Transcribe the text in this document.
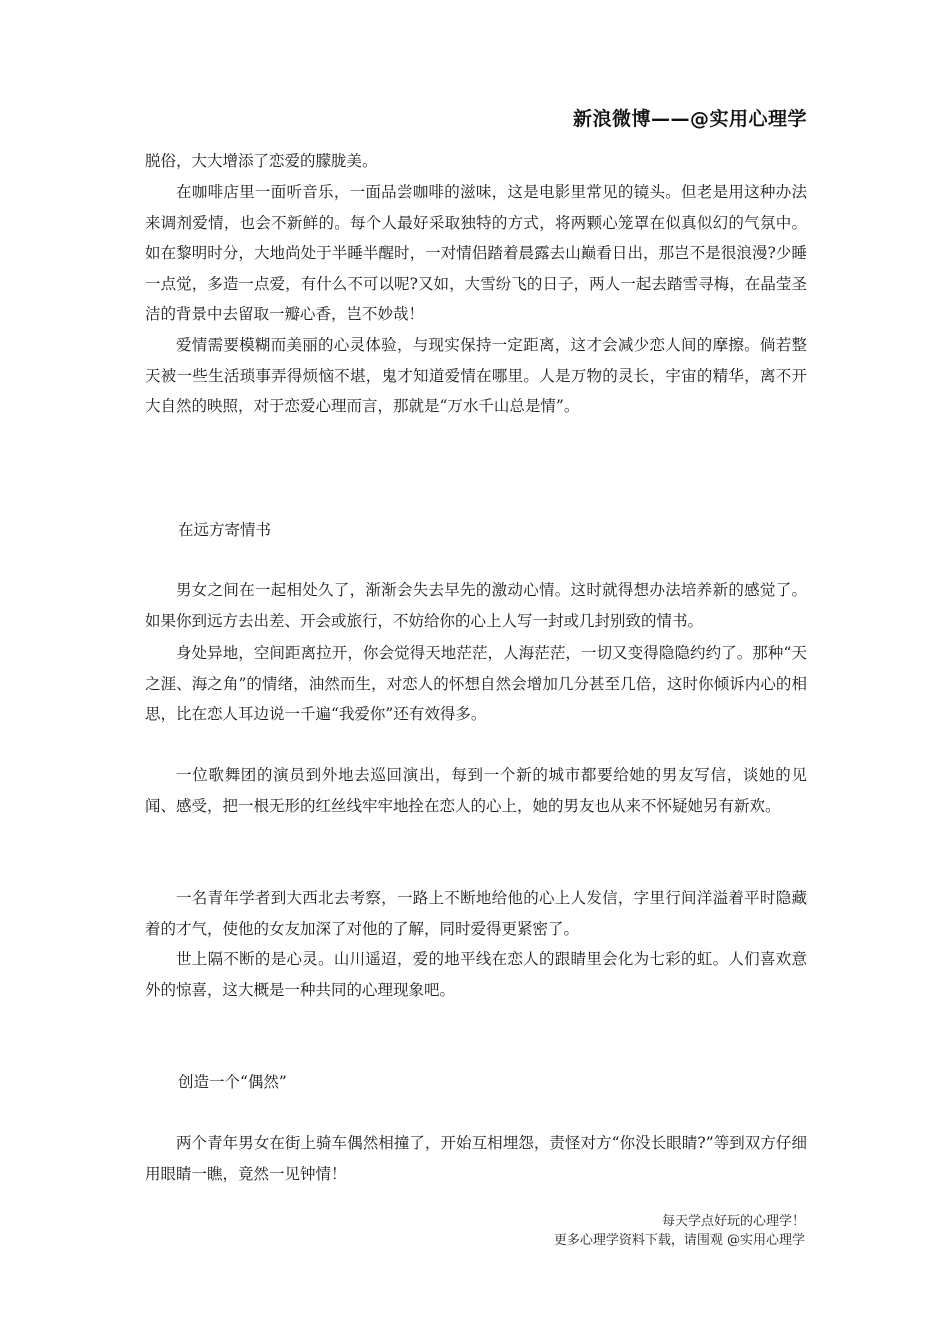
新浪微博——@实用心理学

脱俗，大大增添了恋爱的朦胧美。

在咖啡店里一面听音乐，一面品尝咖啡的滋味，这是电影里常见的镜头。但老是用这种办法来调剂爱情，也会不新鲜的。每个人最好采取独特的方式，将两颗心笼罩在似真似幻的气氛中。如在黎明时分，大地尚处于半睡半醒时，一对情侣踏着晨露去山巅看日出，那岂不是很浪漫?少睡一点觉，多造一点爱，有什么不可以呢?又如，大雪纷飞的日子，两人一起去踏雪寻梅，在晶莹圣洁的背景中去留取一瓣心香，岂不妙哉！

爱情需要模糊而美丽的心灵体验，与现实保持一定距离，这才会减少恋人间的摩擦。倘若整天被一些生活琐事弄得烦恼不堪，鬼才知道爱情在哪里。人是万物的灵长，宇宙的精华，离不开大自然的映照，对于恋爱心理而言，那就是“万水千山总是情”。

在远方寄情书

男女之间在一起相处久了，渐渐会失去早先的激动心情。这时就得想办法培养新的感觉了。如果你到远方去出差、开会或旅行，不妨给你的心上人写一封或几封别致的情书。

身处异地，空间距离拉开，你会觉得天地茫茫，人海茫茫，一切又变得隐隐约约了。那种“天之涯、海之角”的情绪，油然而生，对恋人的怀想自然会增加几分甚至几倍，这时你倾诉内心的相思，比在恋人耳边说一千遍“我爱你”还有效得多。

一位歌舞团的演员到外地去巡回演出，每到一个新的城市都要给她的男友写信，谈她的见闻、感受，把一根无形的红丝线牢牢地拴在恋人的心上，她的男友也从来不怀疑她另有新欢。

一名青年学者到大西北去考察，一路上不断地给他的心上人发信，字里行间洋溢着平时隐藏着的才气，使他的女友加深了对他的了解，同时爱得更紧密了。

世上隔不断的是心灵。山川遥迢，爱的地平线在恋人的跟睛里会化为七彩的虹。人们喜欢意外的惊喜，这大概是一种共同的心理现象吧。

创造一个“偶然”

两个青年男女在街上骑车偶然相撞了，开始互相埋怨，责怪对方“你没长眼睛?”等到双方仔细用眼睛一瞧，竟然一见钟情！

每天学点好玩的心理学！
更多心理学资料下载，请围观 @实用心理学
